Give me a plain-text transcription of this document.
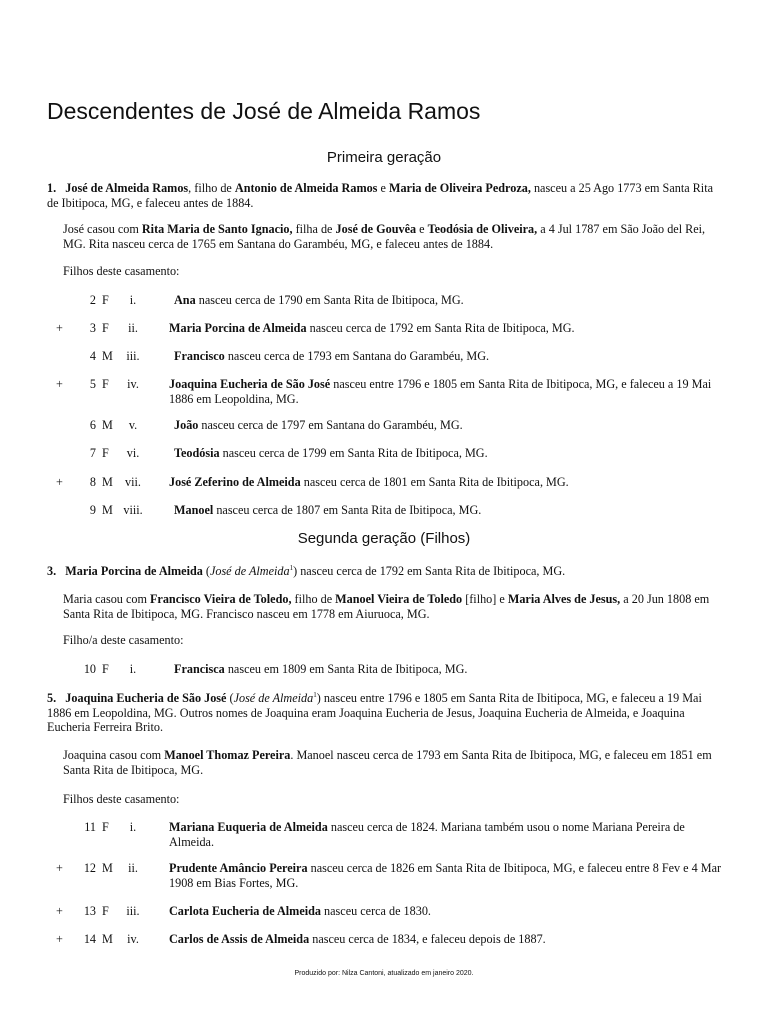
Descendentes de José de Almeida Ramos
Primeira geração

1. José de Almeida Ramos, filho de Antonio de Almeida Ramos e Maria de Oliveira Pedroza, nasceu a 25 Ago 1773 em Santa Rita de Ibitipoca, MG, e faleceu antes de 1884.

José casou com Rita Maria de Santo Ignacio, filha de José de Gouvêa e Teodósia de Oliveira, a 4 Jul 1787 em São João del Rei, MG. Rita nasceu cerca de 1765 em Santana do Garambéu, MG, e faleceu antes de 1884.

Filhos deste casamento:

2 F	i.	Ana nasceu cerca de 1790 em Santa Rita de Ibitipoca, MG.
+	3 F	ii.	Maria Porcina de Almeida nasceu cerca de 1792 em Santa Rita de Ibitipoca, MG.
4 M	iii.	Francisco nasceu cerca de 1793 em Santana do Garambéu, MG.
+	5 F	iv.	Joaquina Eucheria de São José nasceu entre 1796 e 1805 em Santa Rita de Ibitipoca, MG, e faleceu a 19 Mai 1886 em Leopoldina, MG.
6 M	v.	João nasceu cerca de 1797 em Santana do Garambéu, MG.
7 F	vi.	Teodósia nasceu cerca de 1799 em Santa Rita de Ibitipoca, MG.
+	8 M vii.	José Zeferino de Almeida nasceu cerca de 1801 em Santa Rita de Ibitipoca, MG.
9 M viii.	Manoel nasceu cerca de 1807 em Santa Rita de Ibitipoca, MG.
Segunda geração (Filhos)

3. Maria Porcina de Almeida (José de Almeida$^1$) nasceu cerca de 1792 em Santa Rita de Ibitipoca, MG.

Maria casou com Francisco Vieira de Toledo, filho de Manoel Vieira de Toledo [filho] e Maria Alves de Jesus, a 20 Jun 1808 em Santa Rita de Ibitipoca, MG. Francisco nasceu em 1778 em Aiuruoca, MG.

Filho/a deste casamento:

10 F	i.	Francisca nasceu em 1809 em Santa Rita de Ibitipoca, MG.

5. Joaquina Eucheria de São José (José de Almeida$^1$) nasceu entre 1796 e 1805 em Santa Rita de Ibitipoca, MG, e faleceu a 19 Mai 1886 em Leopoldina, MG. Outros nomes de Joaquina eram Joaquina Eucheria de Jesus, Joaquina Eucheria de Almeida, e Joaquina Eucheria Ferreira Brito.

Joaquina casou com Manoel Thomaz Pereira. Manoel nasceu cerca de 1793 em Santa Rita de Ibitipoca, MG, e faleceu em 1851 em Santa Rita de Ibitipoca, MG.

Filhos deste casamento:

11 F	i.	Mariana Euqueria de Almeida nasceu cerca de 1824. Mariana também usou o nome Mariana Pereira de Almeida.
+	12 M	ii.	Prudente Amâncio Pereira nasceu cerca de 1826 em Santa Rita de Ibitipoca, MG, e faleceu entre 8 Fev e 4 Mar 1908 em Bias Fortes, MG.
+	13 F	iii.	Carlota Eucheria de Almeida nasceu cerca de 1830.
+	14 M	iv.	Carlos de Assis de Almeida nasceu cerca de 1834, e faleceu depois de 1887.
Produzido por: Nilza Cantoni, atualizado em janeiro 2020.
